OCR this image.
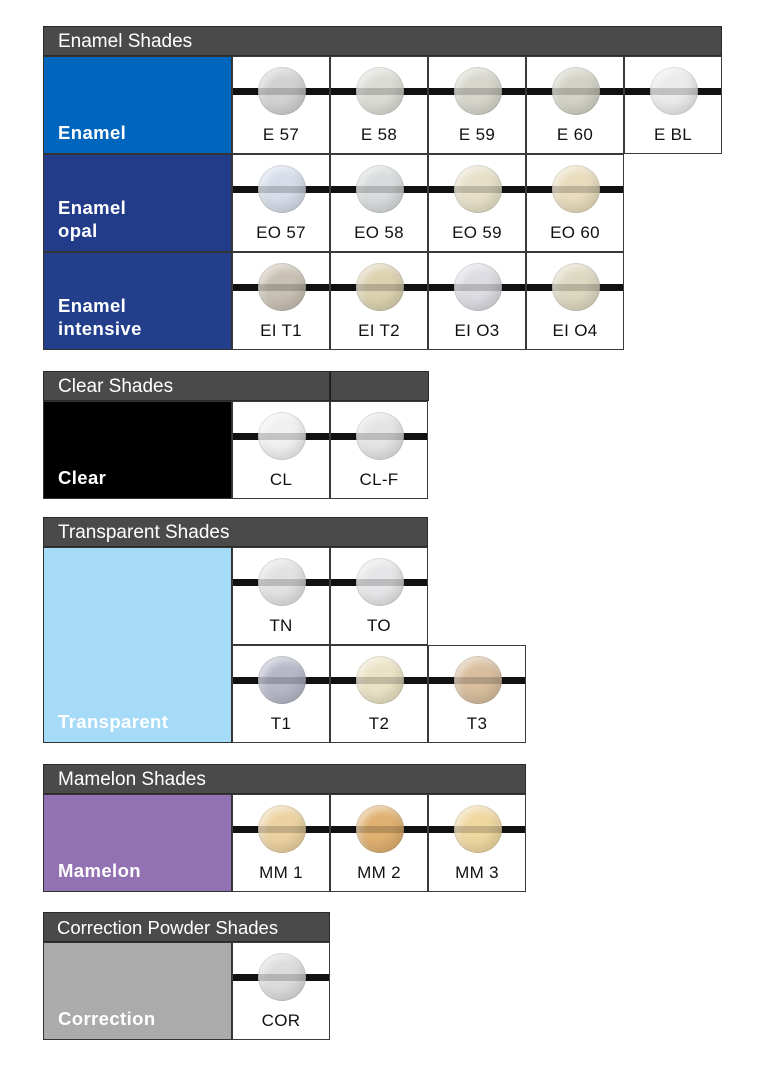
Enamel Shades
Enamel	E 57	E 58	E 59	E 60	E BL
Enamel
opal	EO 57	EO 58	EO 59	EO 60
Enamel
intensive	EI T1	EI T2	EI O3	EI O4
Clear Shades
Clear	CL	CL-F
Transparent Shades
Transparent
TN	TO
T1	T2	T3
Mamelon Shades
Mamelon	MM 1	MM 2	MM 3
Correction Powder Shades
Correction	COR
